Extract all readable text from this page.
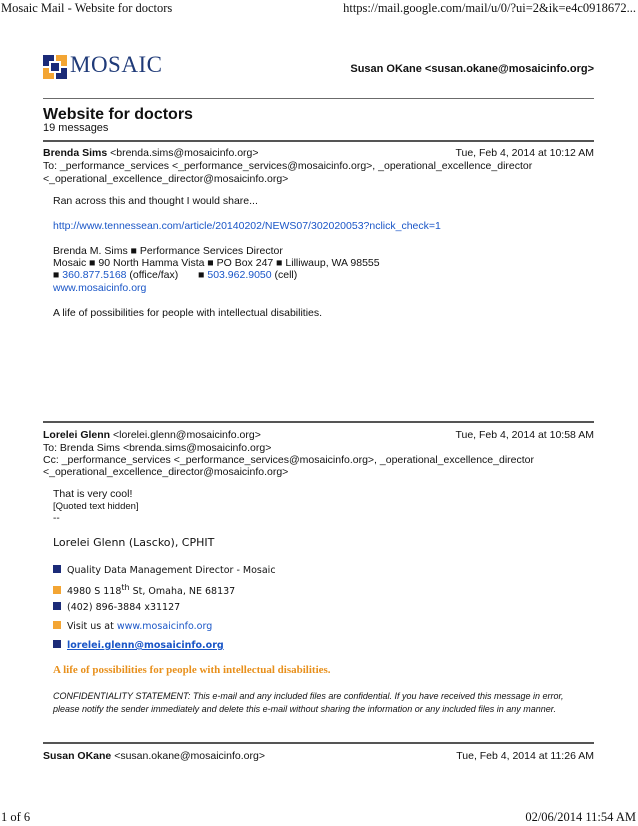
Mosaic Mail - Website for doctors	https://mail.google.com/mail/u/0/?ui=2&ik=e4c0918672...
MOSAIC	Susan OKane <susan.okane@mosaicinfo.org>
Website for doctors
19 messages
Brenda Sims <brenda.sims@mosaicinfo.org>	Tue, Feb 4, 2014 at 10:12 AM
To: _performance_services <_performance_services@mosaicinfo.org>, _operational_excellence_director
<_operational_excellence_director@mosaicinfo.org>
Ran across this and thought I would share...
http://www.tennessean.com/article/20140202/NEWS07/302020053?nclick_check=1
Brenda M. Sims ■ Performance Services Director
Mosaic ■ 90 North Hamma Vista ■ PO Box 247 ■ Lilliwaup, WA 98555
■ 360.877.5168 (office/fax) ■ 503.962.9050 (cell)
www.mosaicinfo.org
A life of possibilities for people with intellectual disabilities.
Lorelei Glenn <lorelei.glenn@mosaicinfo.org>	Tue, Feb 4, 2014 at 10:58 AM
To: Brenda Sims <brenda.sims@mosaicinfo.org>
Cc: _performance_services <_performance_services@mosaicinfo.org>, _operational_excellence_director
<_operational_excellence_director@mosaicinfo.org>
That is very cool!
[Quoted text hidden]
--
Lorelei Glenn (Lascko), CPHIT
Quality Data Management Director - Mosaic
4980 S 118th St, Omaha, NE 68137
(402) 896-3884 x31127
Visit us at www.mosaicinfo.org
lorelei.glenn@mosaicinfo.org
A life of possibilities for people with intellectual disabilities.
CONFIDENTIALITY STATEMENT: This e-mail and any included files are confidential. If you have received this message in error, please notify the sender immediately and delete this e-mail without sharing the information or any included files in any manner.
Susan OKane <susan.okane@mosaicinfo.org>	Tue, Feb 4, 2014 at 11:26 AM
1 of 6	02/06/2014 11:54 AM
